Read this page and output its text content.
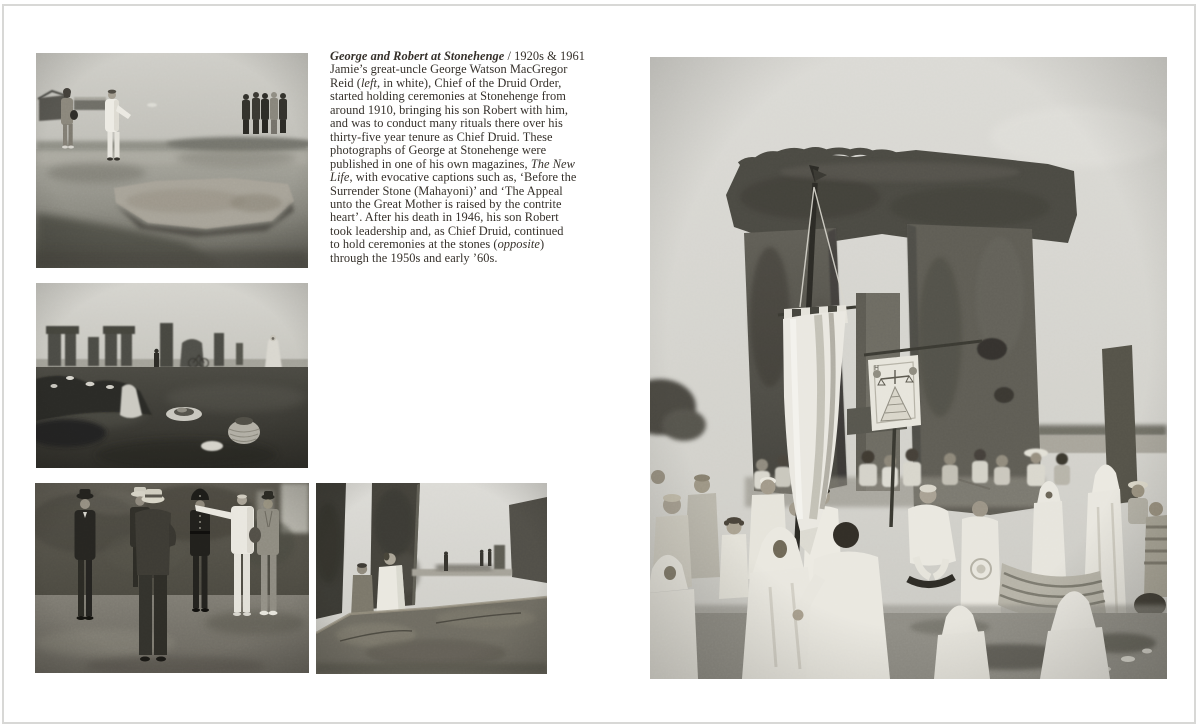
George and Robert at Stonehenge / 1920s & 1961
Jamie’s great-uncle George Watson MacGregor
Reid (left, in white), Chief of the Druid Order,
started holding ceremonies at Stonehenge from
around 1910, bringing his son Robert with him,
and was to conduct many rituals there over his
thirty-five year tenure as Chief Druid. These
photographs of George at Stonehenge were
published in one of his own magazines, The New
Life, with evocative captions such as, ‘Before the
Surrender Stone (Mahayoni)’ and ‘The Appeal
unto the Great Mother is raised by the contrite
heart’. After his death in 1946, his son Robert
took leadership and, as Chief Druid, continued
to hold ceremonies at the stones (opposite)
through the 1950s and early ’60s.
